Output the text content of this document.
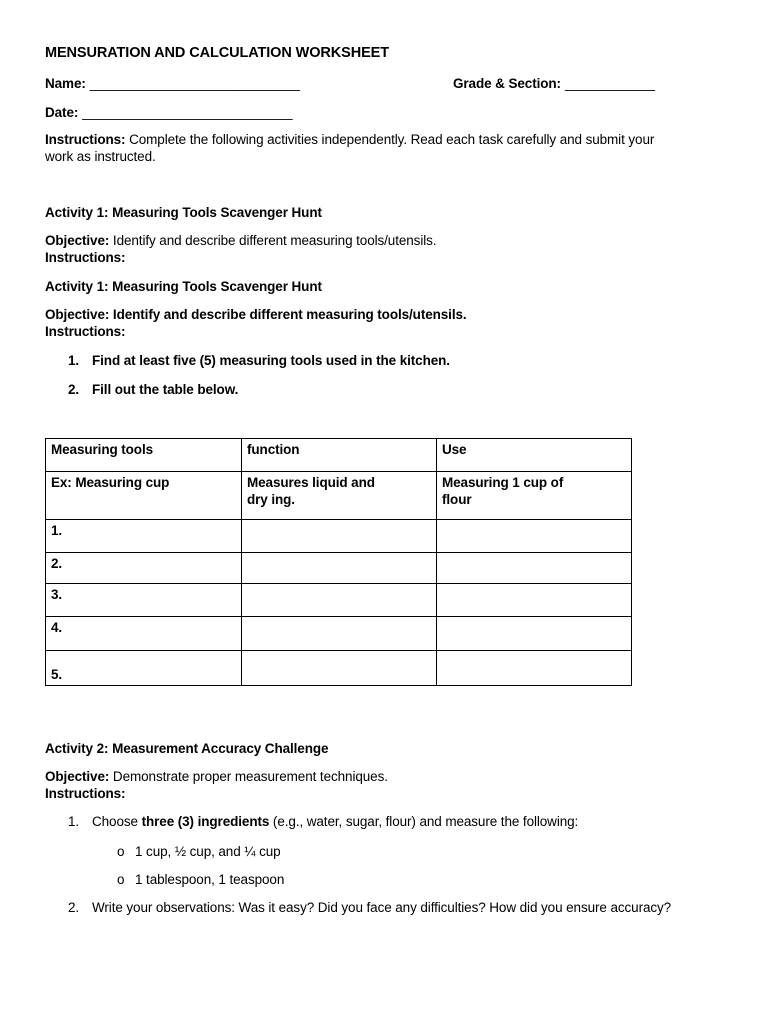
MENSURATION AND CALCULATION WORKSHEET
Name: ____________________________	Grade & Section: ____________
Date: ____________________________
Instructions: Complete the following activities independently. Read each task carefully and submit your work as instructed.
Activity 1: Measuring Tools Scavenger Hunt
Objective: Identify and describe different measuring tools/utensils.
Instructions:
Activity 1: Measuring Tools Scavenger Hunt
Objective: Identify and describe different measuring tools/utensils.
Instructions:
1. Find at least five (5) measuring tools used in the kitchen.
2. Fill out the table below.
Measuring tools	function	Use

Ex: Measuring cup	Measures liquid and dry ing.	Measuring 1 cup of flour

1.		

2.		

3.		

4.		

5.		

Activity 2: Measurement Accuracy Challenge
Objective: Demonstrate proper measurement techniques.
Instructions:
1. Choose three (3) ingredients (e.g., water, sugar, flour) and measure the following:
o 1 cup, ½ cup, and ¼ cup
o 1 tablespoon, 1 teaspoon
2. Write your observations: Was it easy? Did you face any difficulties? How did you ensure accuracy?
